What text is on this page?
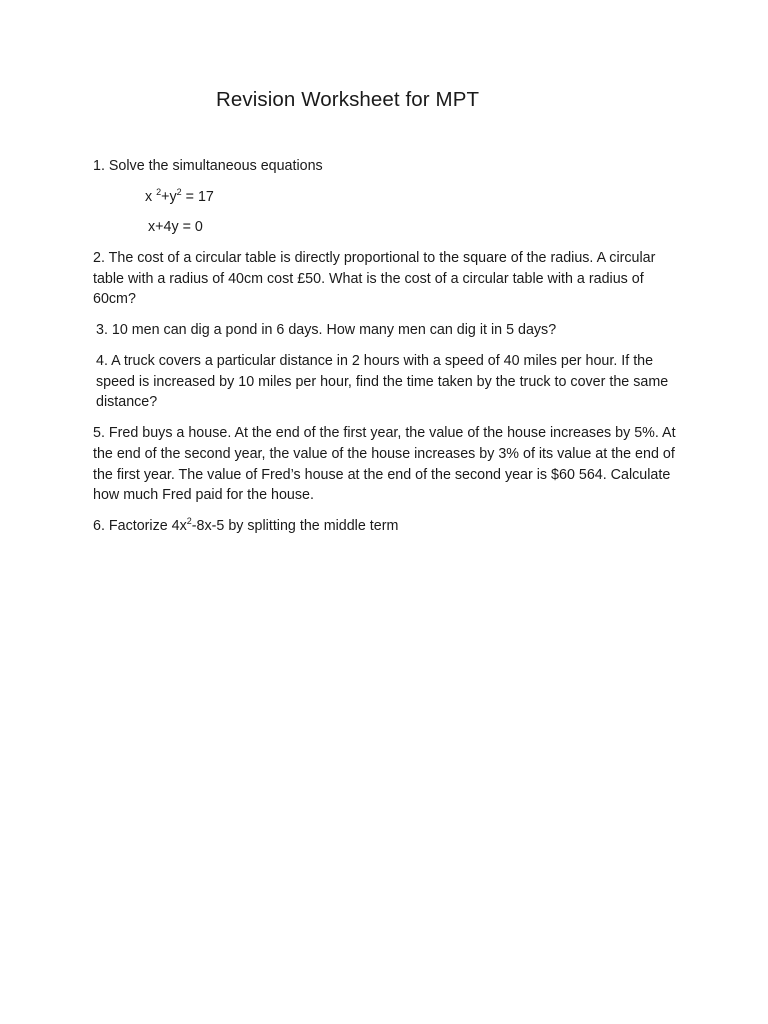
Revision Worksheet for MPT

1. Solve the simultaneous equations

x $^2+y^2 = 17$

x+4y = 0

2. The cost of a circular table is directly proportional to the square of the radius. A circular table with a radius of 40cm cost £50. What is the cost of a circular table with a radius of 60cm?

3. 10 men can dig a pond in 6 days. How many men can dig it in 5 days?

4. A truck covers a particular distance in 2 hours with a speed of 40 miles per hour. If the speed is increased by 10 miles per hour, find the time taken by the truck to cover the same distance?

5. Fred buys a house. At the end of the first year, the value of the house increases by 5%. At the end of the second year, the value of the house increases by 3% of its value at the end of the first year. The value of Fred’s house at the end of the second year is $60 564. Calculate how much Fred paid for the house.

6. Factorize $4x^2-8x-5$ by splitting the middle term
